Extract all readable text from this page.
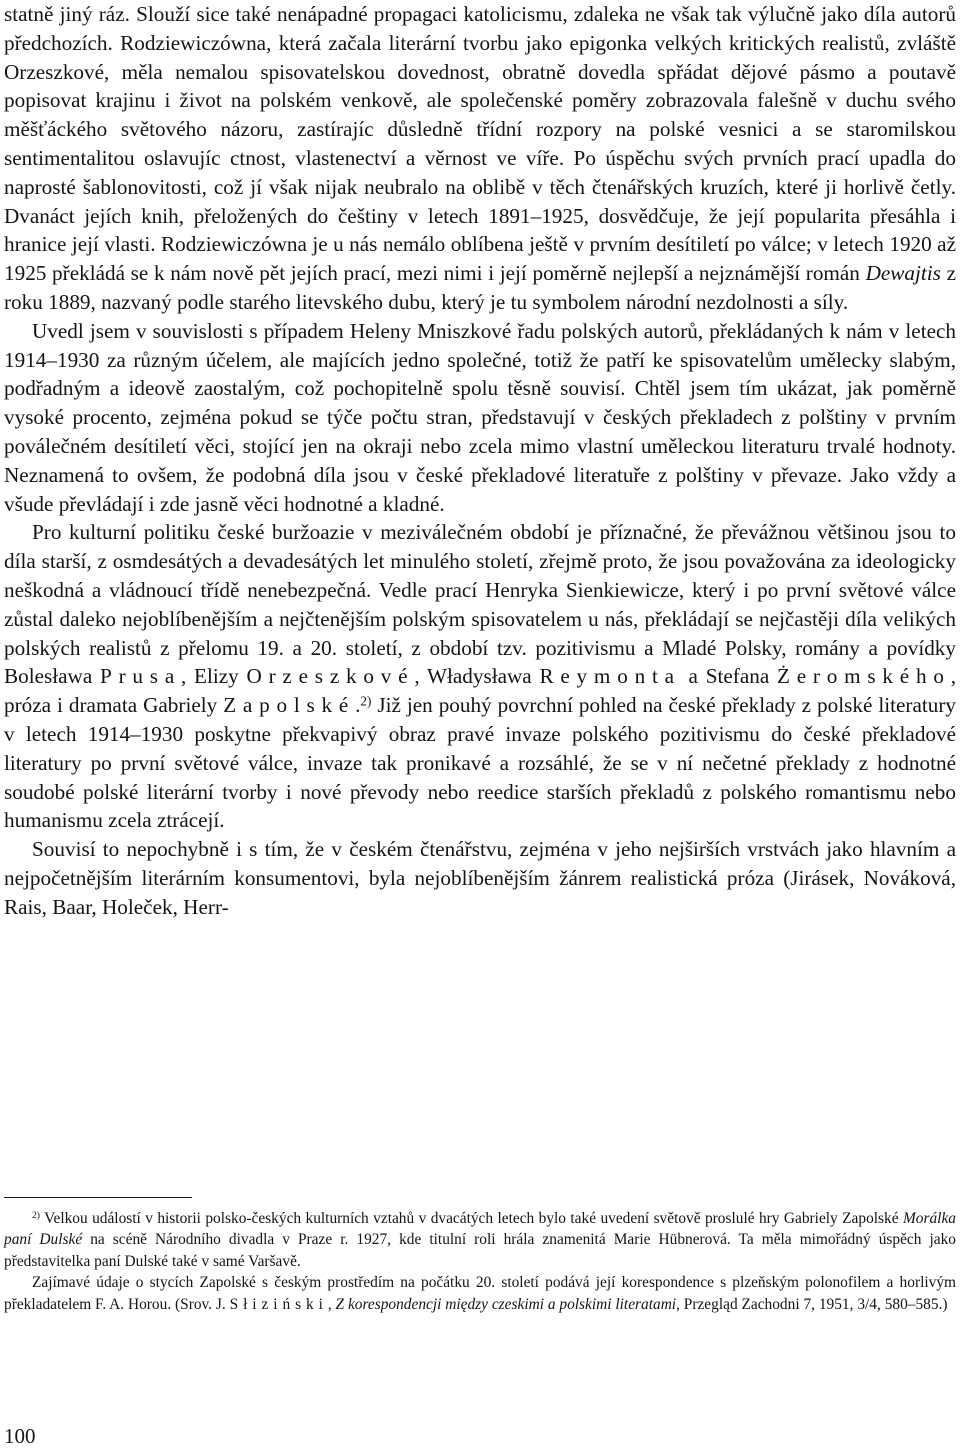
statně jiný ráz. Slouží sice také nenápadné propagaci katolicismu, zdaleka ne však tak výlučně jako díla autorů předchozích. Rodziewiczówna, která začala literární tvorbu jako epigonka velkých kritických realistů, zvláště Orzeszkové, měla nemalou spisovatelskou dovednost, obratně dovedla spřádat dějové pásmo a poutavě popisovat krajinu i život na polském venkově, ale společenské poměry zobrazovala falešně v duchu svého měšťáckého světového názoru, zastírajíc důsledně třídní rozpory na polské vesnici a se staromilskou sentimentalitou oslavujíc ctnost, vlastenectví a věrnost ve víře. Po úspěchu svých prvních prací upadla do naprosté šablonovitosti, což jí však nijak neubralo na oblibě v těch čtenářských kruzích, které ji horlivě četly. Dvanáct jejích knih, přeložených do češtiny v letech 1891–1925, dosvědčuje, že její popularita přesáhla i hranice její vlasti. Rodziewiczówna je u nás nemálo oblíbena ještě v prvním desítiletí po válce; v letech 1920 až 1925 překládá se k nám nově pět jejích prací, mezi nimi i její poměrně nejlepší a nejznámější román Dewajtis z roku 1889, nazvaný podle starého litevského dubu, který je tu symbolem národní nezdolnosti a síly.

Uvedl jsem v souvislosti s případem Heleny Mniszkové řadu polských autorů, překládaných k nám v letech 1914–1930 za různým účelem, ale majících jedno společné, totiž že patří ke spisovatelům umělecky slabým, podřadným a ideově zaostalým, což pochopitelně spolu těsně souvisí. Chtěl jsem tím ukázat, jak poměrně vysoké procento, zejména pokud se týče počtu stran, představují v českých překladech z polštiny v prvním poválečném desítiletí věci, stojící jen na okraji nebo zcela mimo vlastní uměleckou literaturu trvalé hodnoty. Neznamená to ovšem, že podobná díla jsou v české překladové literatuře z polštiny v převaze. Jako vždy a všude převládají i zde jasně věci hodnotné a kladné.

Pro kulturní politiku české buržoazie v meziválečném období je příznačné, že převážnou většinou jsou to díla starší, z osmdesátých a devadesátých let minulého století, zřejmě proto, že jsou považována za ideologicky neškodná a vládnoucí třídě nenebezpečná. Vedle prací Henryka Sienkiewicze, který i po první světové válce zůstal daleko nejoblíbenějším a nejčtenějším polským spisovatelem u nás, překládají se nejčastěji díla velikých polských realistů z přelomu 19. a 20. století, z období tzv. pozitivismu a Mladé Polsky, romány a povídky Bolesława Prusa, Elizy Orzeszkové, Władysława Reymonta a Stefana Żeromského, próza i dramata Gabriely Zapolské.$^{2)}$ Již jen pouhý povrchní pohled na české překlady z polské literatury v letech 1914–1930 poskytne překvapivý obraz pravé invaze polského pozitivismu do české překladové literatury po první světové válce, invaze tak pronikavé a rozsáhlé, že se v ní nečetné překlady z hodnotné soudobé polské literární tvorby i nové převody nebo reedice starších překladů z polského romantismu nebo humanismu zcela ztrácejí.

Souvisí to nepochybně i s tím, že v českém čtenářstvu, zejména v jeho nejširších vrstvách jako hlavním a nejpočetnějším literárním konsumentovi, byla nejoblíbenějším žánrem realistická próza (Jirásek, Nováková, Rais, Baar, Holeček, Herr-

$^{2)}$ Velkou událostí v historii polsko-českých kulturních vztahů v dvacátých letech bylo také uvedení světově proslulé hry Gabriely Zapolské Morálka paní Dulské na scéně Národního divadla v Praze r. 1927, kde titulní roli hrála znamenitá Marie Hübnerová. Ta měla mimořádný úspěch jako představitelka paní Dulské také v samé Varšavě.

Zajímavé údaje o stycích Zapolské s českým prostředím na počátku 20. století podává její korespondence s plzeňským polonofilem a horlivým překladatelem F. A. Horou. (Srov. J. Słiziński, Z korespondencji między czeskimi a polskimi literatami, Przegląd Zachodni 7, 1951, 3/4, 580–585.)

100
